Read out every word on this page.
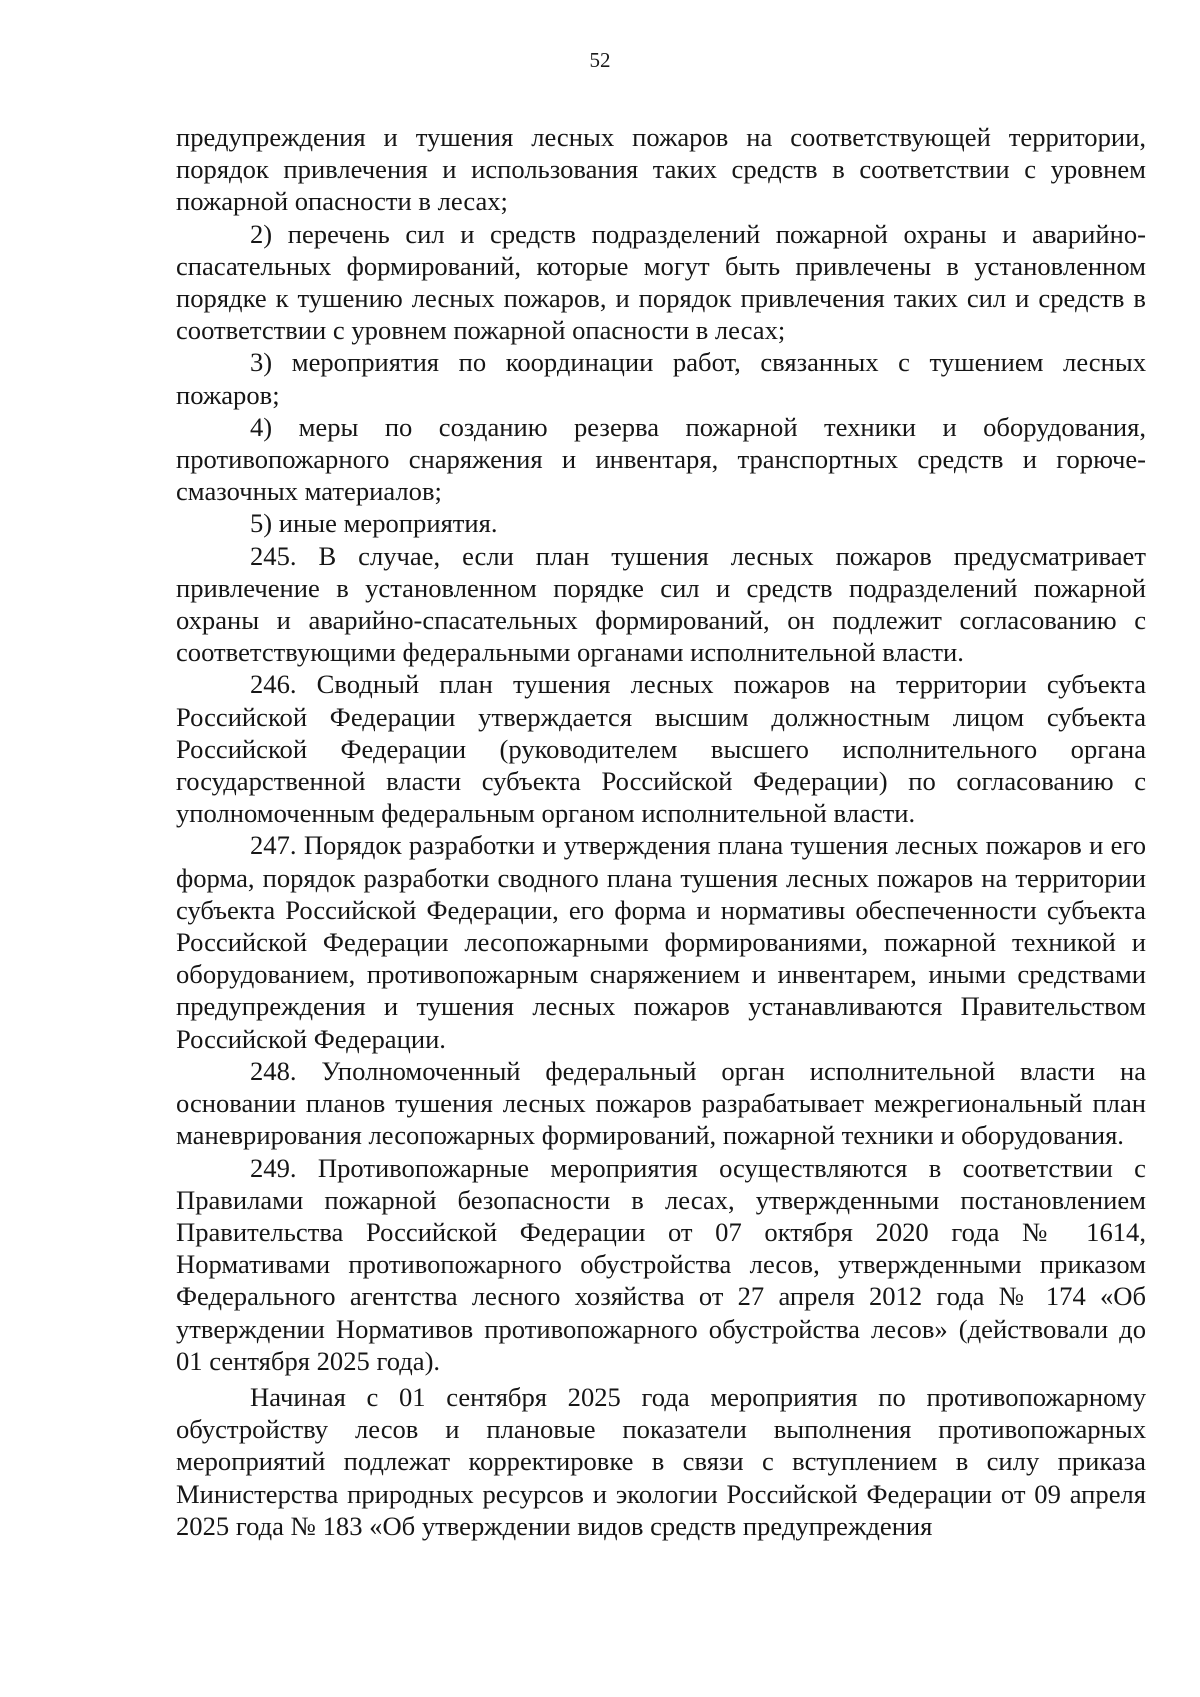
52

предупреждения и тушения лесных пожаров на соответствующей территории, порядок привлечения и использования таких средств в соответствии с уровнем пожарной опасности в лесах;

2) перечень сил и средств подразделений пожарной охраны и аварийно-спасательных формирований, которые могут быть привлечены в установленном порядке к тушению лесных пожаров, и порядок привлечения таких сил и средств в соответствии с уровнем пожарной опасности в лесах;

3) мероприятия по координации работ, связанных с тушением лесных пожаров;

4) меры по созданию резерва пожарной техники и оборудования, противопожарного снаряжения и инвентаря, транспортных средств и горюче-смазочных материалов;

5) иные мероприятия.

245. В случае, если план тушения лесных пожаров предусматривает привлечение в установленном порядке сил и средств подразделений пожарной охраны и аварийно-спасательных формирований, он подлежит согласованию с соответствующими федеральными органами исполнительной власти.

246. Сводный план тушения лесных пожаров на территории субъекта Российской Федерации утверждается высшим должностным лицом субъекта Российской Федерации (руководителем высшего исполнительного органа государственной власти субъекта Российской Федерации) по согласованию с уполномоченным федеральным органом исполнительной власти.

247. Порядок разработки и утверждения плана тушения лесных пожаров и его форма, порядок разработки сводного плана тушения лесных пожаров на территории субъекта Российской Федерации, его форма и нормативы обеспеченности субъекта Российской Федерации лесопожарными формированиями, пожарной техникой и оборудованием, противопожарным снаряжением и инвентарем, иными средствами предупреждения и тушения лесных пожаров устанавливаются Правительством Российской Федерации.

248. Уполномоченный федеральный орган исполнительной власти на основании планов тушения лесных пожаров разрабатывает межрегиональный план маневрирования лесопожарных формирований, пожарной техники и оборудования.

249. Противопожарные мероприятия осуществляются в соответствии с Правилами пожарной безопасности в лесах, утвержденными постановлением Правительства Российской Федерации от 07 октября 2020 года № 1614, Нормативами противопожарного обустройства лесов, утвержденными приказом Федерального агентства лесного хозяйства от 27 апреля 2012 года № 174 «Об утверждении Нормативов противопожарного обустройства лесов» (действовали до 01 сентября 2025 года).

Начиная с 01 сентября 2025 года мероприятия по противопожарному обустройству лесов и плановые показатели выполнения противопожарных мероприятий подлежат корректировке в связи с вступлением в силу приказа Министерства природных ресурсов и экологии Российской Федерации от 09 апреля 2025 года № 183 «Об утверждении видов средств предупреждения
